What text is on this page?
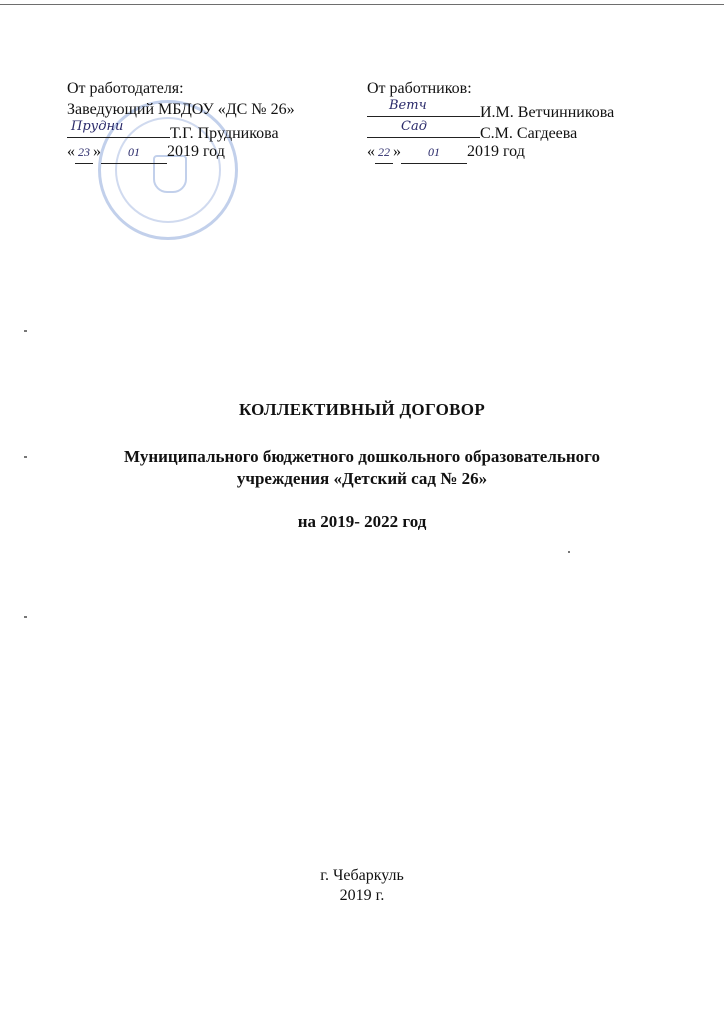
От работодателя:
Заведующий МБДОУ «ДС № 26»
Прудни	Т.Г. Прудникова
« 23 » 01 2019 год
От работников:
Ветч	И.М. Ветчинникова
Сад	С.М. Сагдеева
« 22 » 01 2019 год
КОЛЛЕКТИВНЫЙ ДОГОВОР
Муниципального бюджетного дошкольного образовательного
учреждения «Детский сад № 26»
на 2019- 2022 год
г. Чебаркуль
2019 г.
